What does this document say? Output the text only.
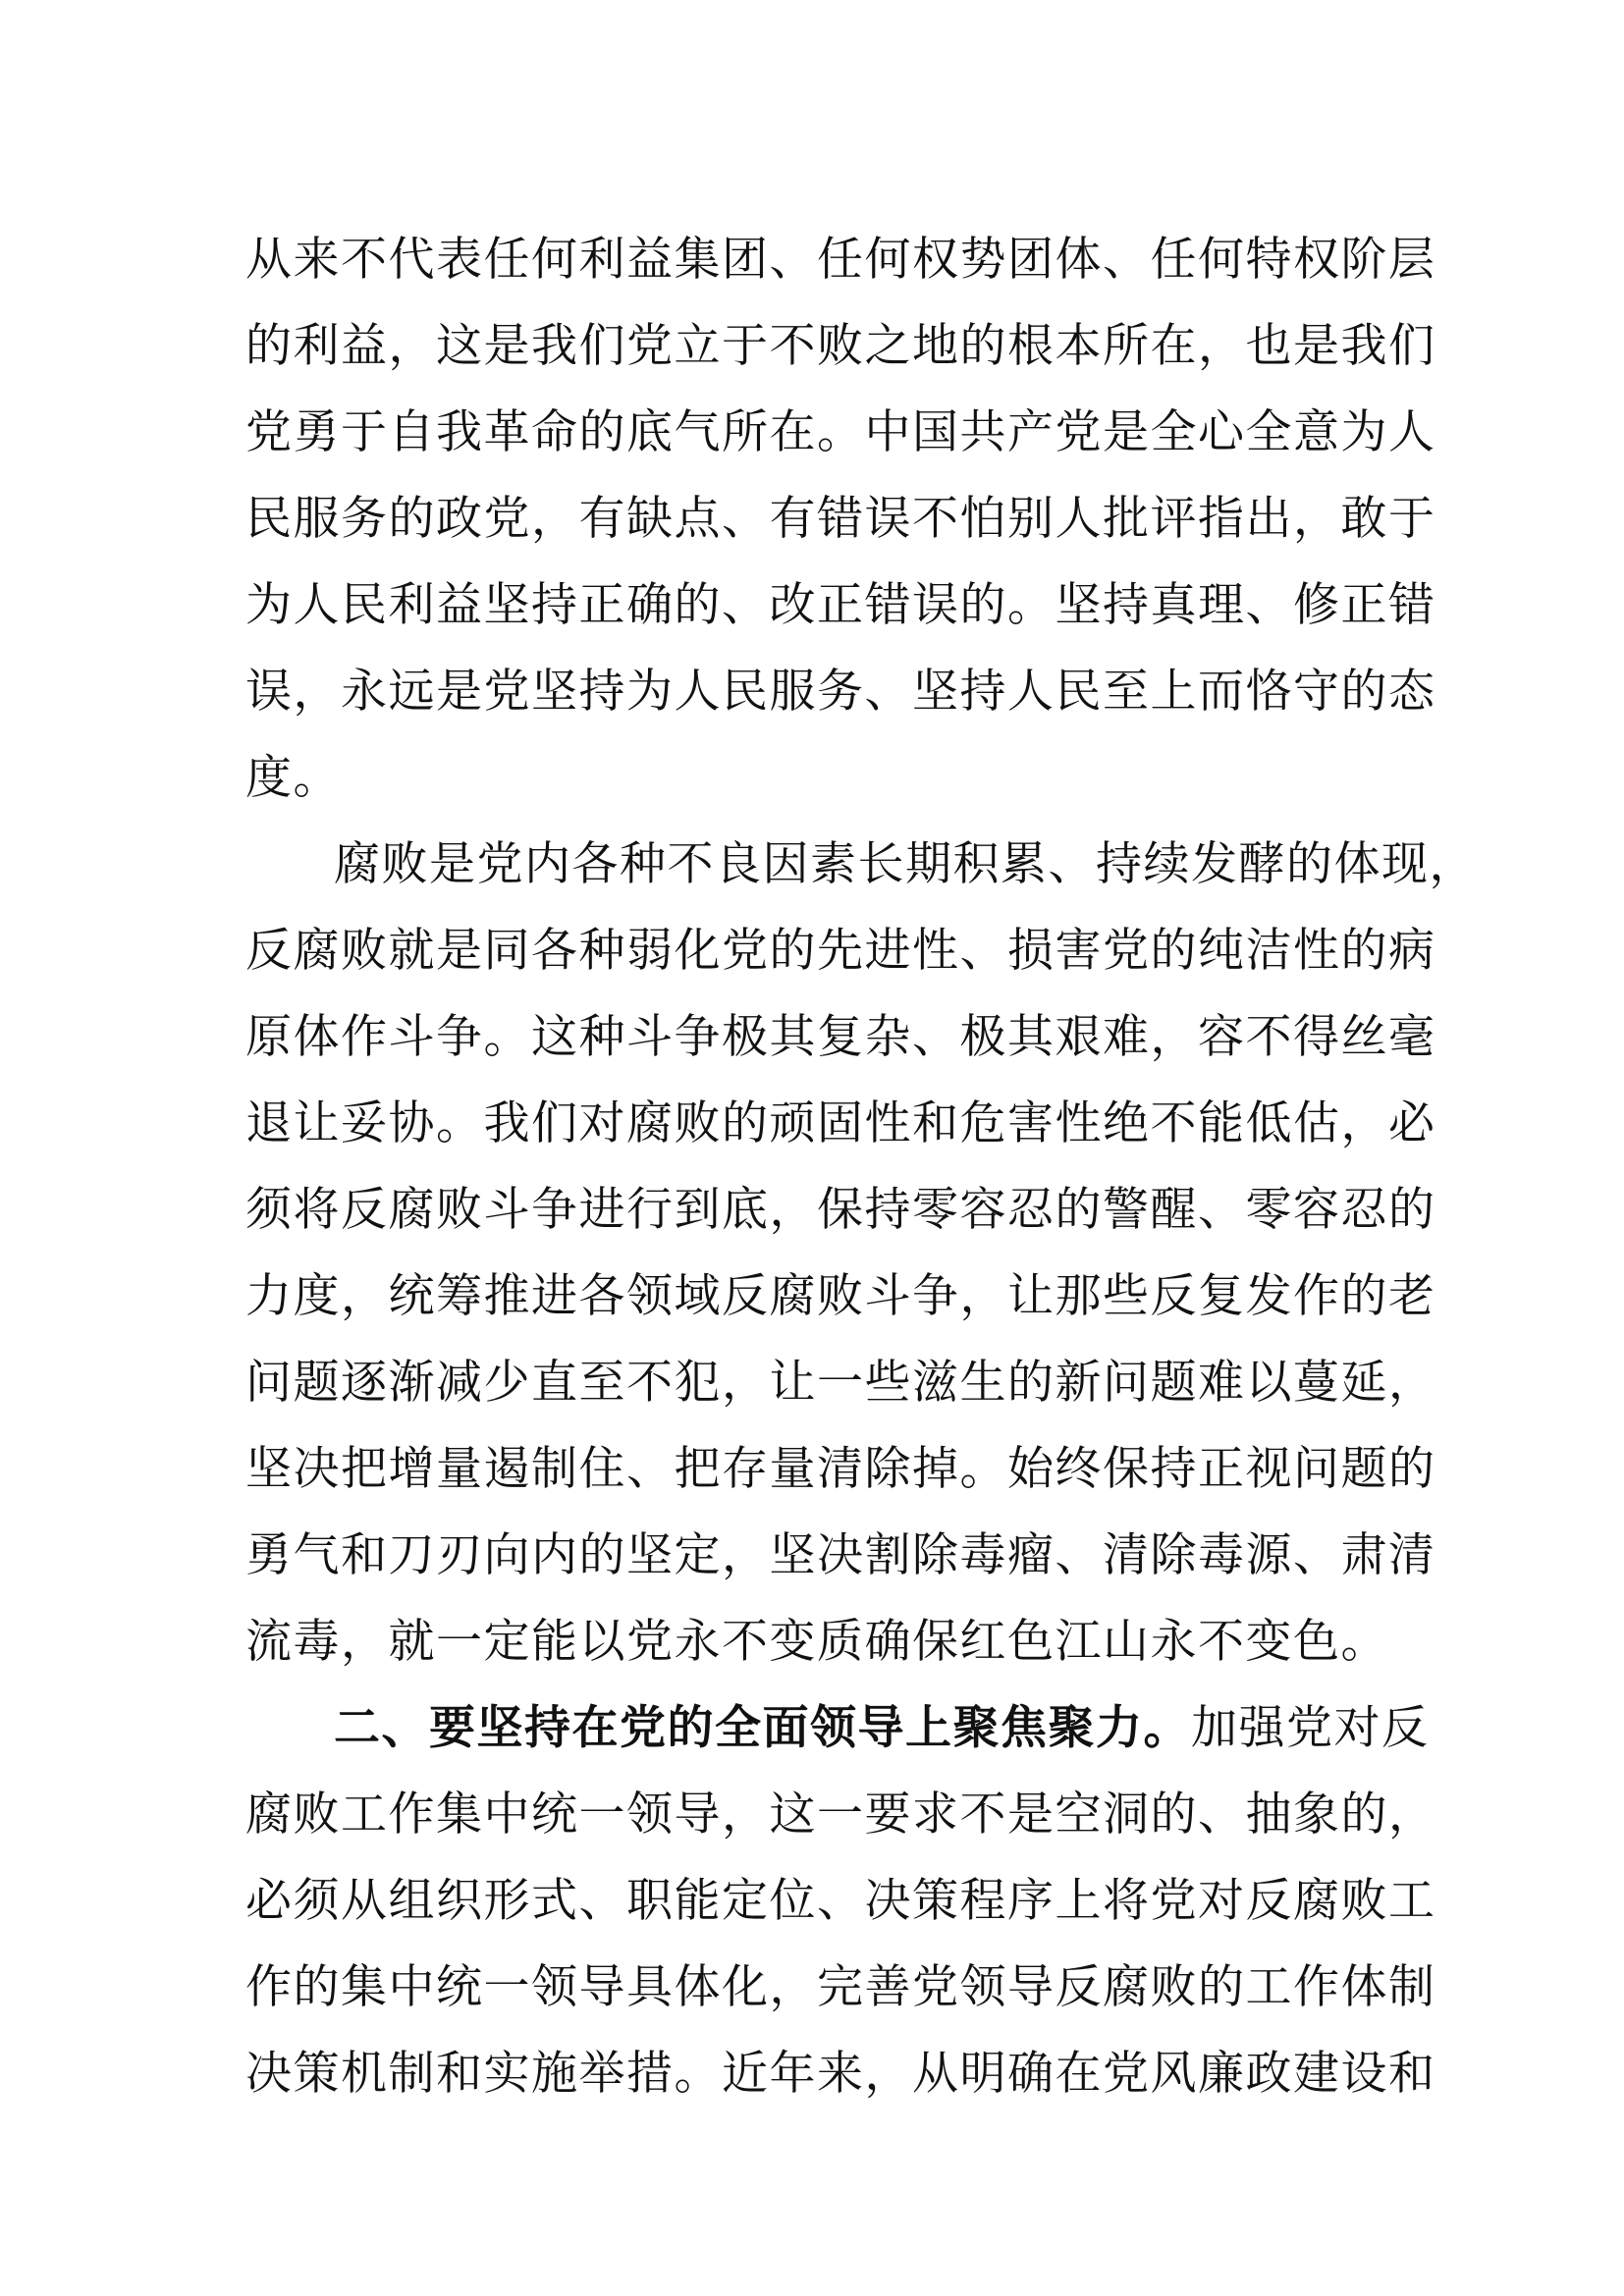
从来不代表任何利益集团、任何权势团体、任何特权阶层
的利益，这是我们党立于不败之地的根本所在，也是我们
党勇于自我革命的底气所在。中国共产党是全心全意为人
民服务的政党，有缺点、有错误不怕别人批评指出，敢于
为人民利益坚持正确的、改正错误的。坚持真理、修正错
误，永远是党坚持为人民服务、坚持人民至上而恪守的态
度。
腐败是党内各种不良因素长期积累、持续发酵的体现，
反腐败就是同各种弱化党的先进性、损害党的纯洁性的病
原体作斗争。这种斗争极其复杂、极其艰难，容不得丝毫
退让妥协。我们对腐败的顽固性和危害性绝不能低估，必
须将反腐败斗争进行到底，保持零容忍的警醒、零容忍的
力度，统筹推进各领域反腐败斗争，让那些反复发作的老
问题逐渐减少直至不犯，让一些滋生的新问题难以蔓延，
坚决把增量遏制住、把存量清除掉。始终保持正视问题的
勇气和刀刃向内的坚定，坚决割除毒瘤、清除毒源、肃清
流毒，就一定能以党永不变质确保红色江山永不变色。
二、要坚持在党的全面领导上聚焦聚力。加强党对反
腐败工作集中统一领导，这一要求不是空洞的、抽象的，
必须从组织形式、职能定位、决策程序上将党对反腐败工
作的集中统一领导具体化，完善党领导反腐败的工作体制
决策机制和实施举措。近年来，从明确在党风廉政建设和
